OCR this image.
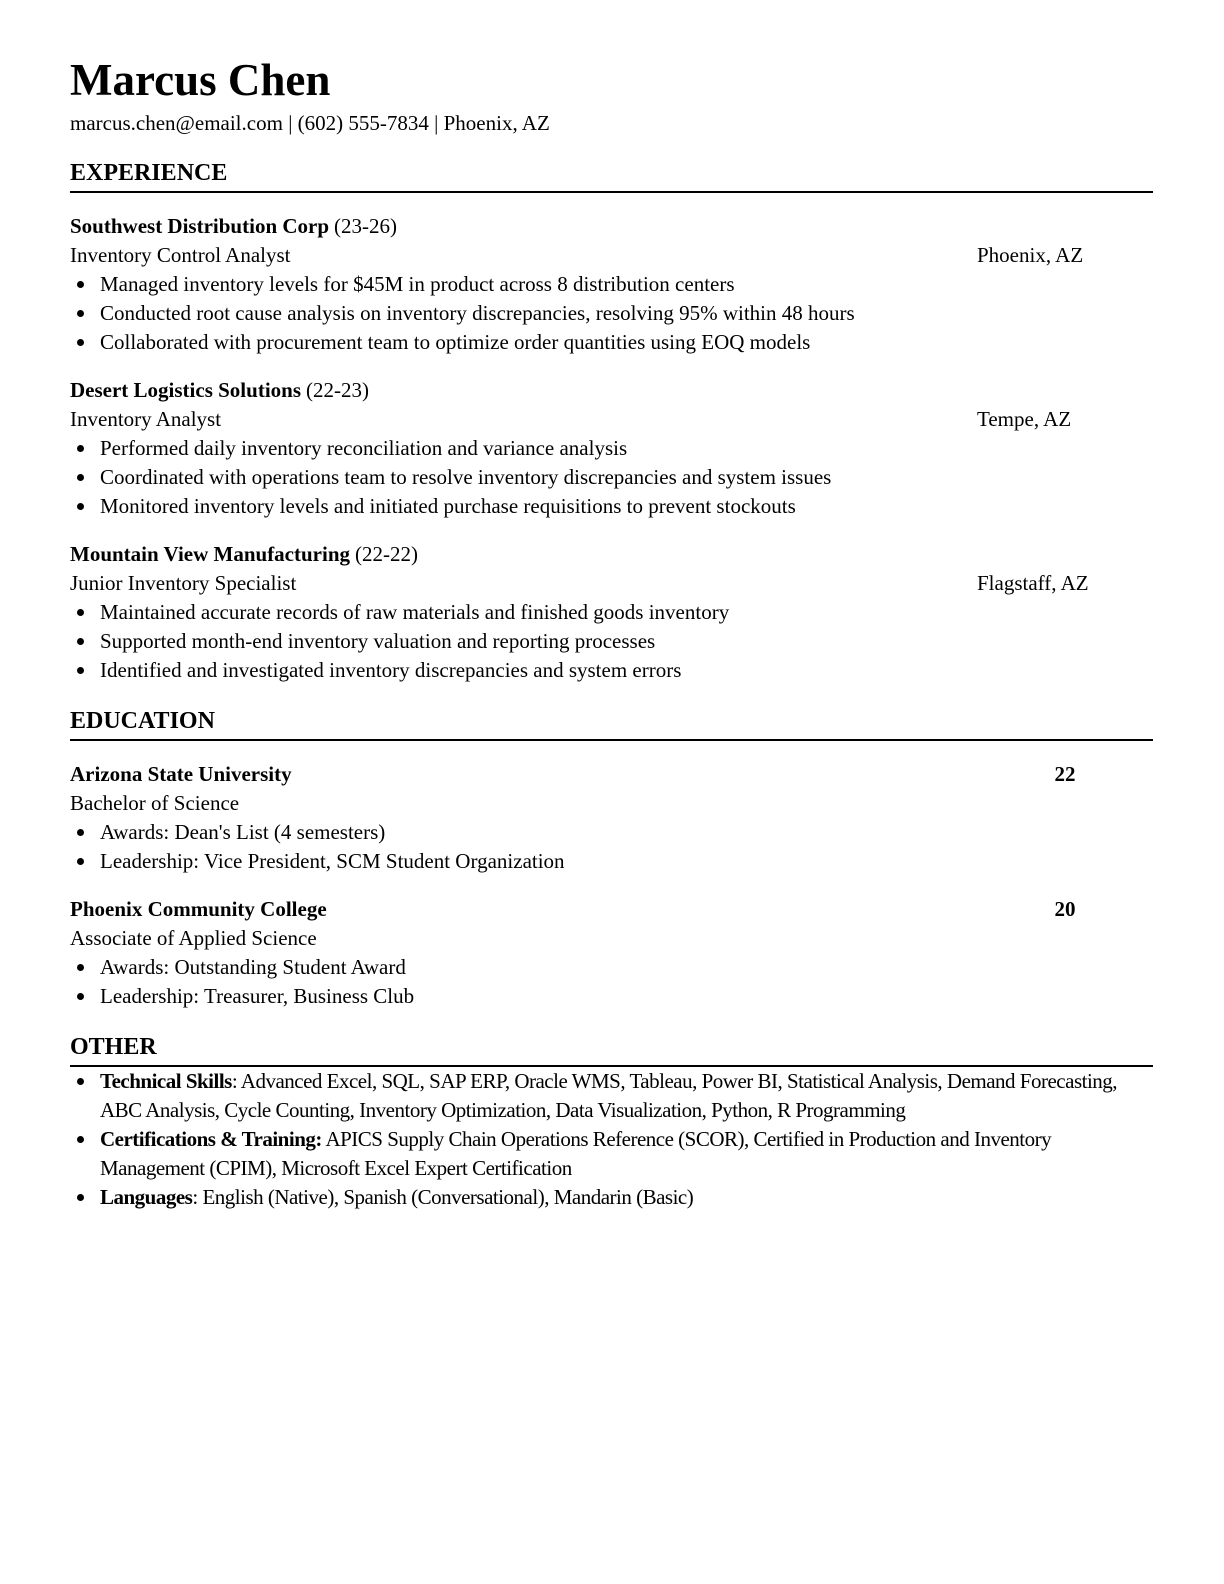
Marcus Chen
marcus.chen@email.com | (602) 555-7834 | Phoenix, AZ
EXPERIENCE
Southwest Distribution Corp (23-26)
Inventory Control Analyst	Phoenix, AZ
Managed inventory levels for $45M in product across 8 distribution centers
Conducted root cause analysis on inventory discrepancies, resolving 95% within 48 hours
Collaborated with procurement team to optimize order quantities using EOQ models
Desert Logistics Solutions (22-23)
Inventory Analyst	Tempe, AZ
Performed daily inventory reconciliation and variance analysis
Coordinated with operations team to resolve inventory discrepancies and system issues
Monitored inventory levels and initiated purchase requisitions to prevent stockouts
Mountain View Manufacturing (22-22)
Junior Inventory Specialist	Flagstaff, AZ
Maintained accurate records of raw materials and finished goods inventory
Supported month-end inventory valuation and reporting processes
Identified and investigated inventory discrepancies and system errors
EDUCATION
Arizona State University	22
Bachelor of Science
Awards: Dean's List (4 semesters)
Leadership: Vice President, SCM Student Organization
Phoenix Community College	20
Associate of Applied Science
Awards: Outstanding Student Award
Leadership: Treasurer, Business Club
OTHER
Technical Skills: Advanced Excel, SQL, SAP ERP, Oracle WMS, Tableau, Power BI, Statistical Analysis, Demand Forecasting, ABC Analysis, Cycle Counting, Inventory Optimization, Data Visualization, Python, R Programming
Certifications & Training: APICS Supply Chain Operations Reference (SCOR), Certified in Production and Inventory Management (CPIM), Microsoft Excel Expert Certification
Languages: English (Native), Spanish (Conversational), Mandarin (Basic)
